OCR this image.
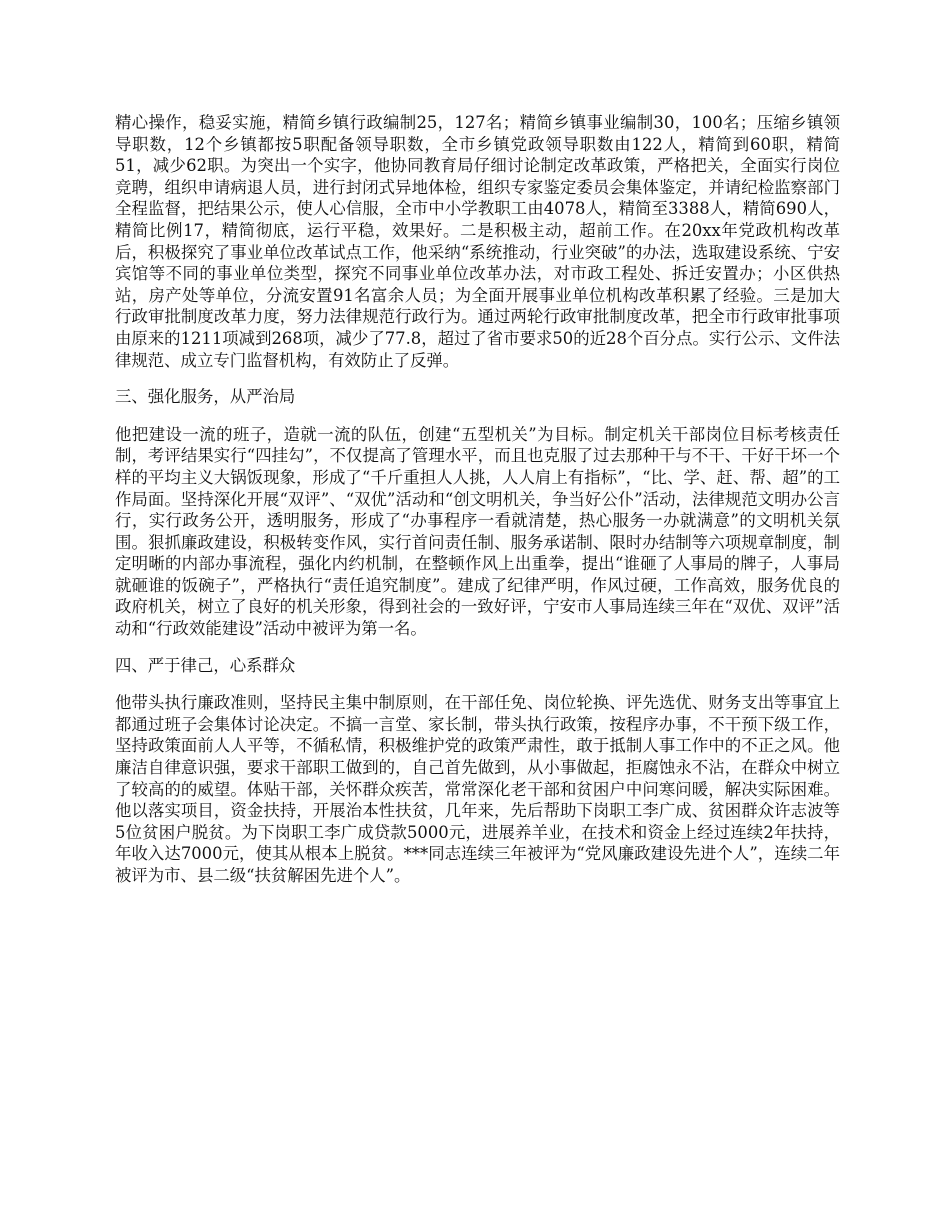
精心操作，稳妥实施，精简乡镇行政编制25，127名；精简乡镇事业编制30，100名；压缩乡镇领导职数，12个乡镇都按5职配备领导职数，全市乡镇党政领导职数由122人，精简到60职，精简51，减少62职。为突出一个实字，他协同教育局仔细讨论制定改革政策，严格把关，全面实行岗位竞聘，组织申请病退人员，进行封闭式异地体检，组织专家鉴定委员会集体鉴定，并请纪检监察部门全程监督，把结果公示，使人心信服，全市中小学教职工由4078人，精简至3388人，精简690人，精简比例17，精简彻底，运行平稳，效果好。二是积极主动，超前工作。在20xx年党政机构改革后，积极探究了事业单位改革试点工作，他采纳“系统推动，行业突破”的办法，选取建设系统、宁安宾馆等不同的事业单位类型，探究不同事业单位改革办法，对市政工程处、拆迁安置办；小区供热站，房产处等单位，分流安置91名富余人员；为全面开展事业单位机构改革积累了经验。三是加大行政审批制度改革力度，努力法律规范行政行为。通过两轮行政审批制度改革，把全市行政审批事项由原来的1211项减到268项，减少了77.8，超过了省市要求50的近28个百分点。实行公示、文件法律规范、成立专门监督机构，有效防止了反弹。

三、强化服务，从严治局

他把建设一流的班子，造就一流的队伍，创建“五型机关”为目标。制定机关干部岗位目标考核责任制，考评结果实行“四挂勾”，不仅提高了管理水平，而且也克服了过去那种干与不干、干好干坏一个样的平均主义大锅饭现象，形成了“千斤重担人人挑，人人肩上有指标”，“比、学、赶、帮、超”的工作局面。坚持深化开展“双评”、“双优”活动和“创文明机关，争当好公仆”活动，法律规范文明办公言行，实行政务公开，透明服务，形成了“办事程序一看就清楚，热心服务一办就满意”的文明机关氛围。狠抓廉政建设，积极转变作风，实行首问责任制、服务承诺制、限时办结制等六项规章制度，制定明晰的内部办事流程，强化内约机制，在整顿作风上出重拳，提出“谁砸了人事局的牌子，人事局就砸谁的饭碗子”，严格执行“责任追究制度”。建成了纪律严明，作风过硬，工作高效，服务优良的政府机关，树立了良好的机关形象，得到社会的一致好评，宁安市人事局连续三年在“双优、双评”活动和“行政效能建设”活动中被评为第一名。

四、严于律己，心系群众

他带头执行廉政准则，坚持民主集中制原则，在干部任免、岗位轮换、评先选优、财务支出等事宜上都通过班子会集体讨论决定。不搞一言堂、家长制，带头执行政策，按程序办事，不干预下级工作，坚持政策面前人人平等，不循私情，积极维护党的政策严肃性，敢于抵制人事工作中的不正之风。他廉洁自律意识强，要求干部职工做到的，自己首先做到，从小事做起，拒腐蚀永不沾，在群众中树立了较高的的威望。体贴干部，关怀群众疾苦，常常深化老干部和贫困户中问寒问暖，解决实际困难。他以落实项目，资金扶持，开展治本性扶贫，几年来，先后帮助下岗职工李广成、贫困群众许志波等5位贫困户脱贫。为下岗职工李广成贷款5000元，进展养羊业，在技术和资金上经过连续2年扶持，年收入达7000元，使其从根本上脱贫。***同志连续三年被评为“党风廉政建设先进个人”，连续二年被评为市、县二级“扶贫解困先进个人”。
